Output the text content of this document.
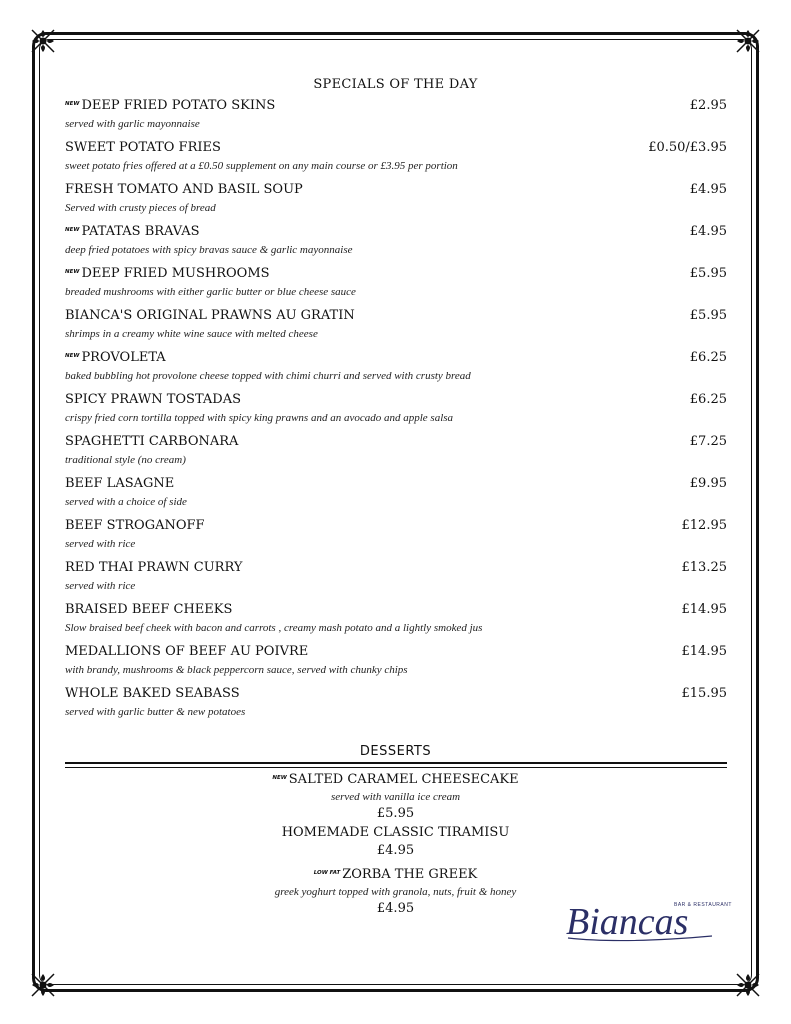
SPECIALS OF THE DAY
NEW DEEP FRIED POTATO SKINS	£2.95
served with garlic mayonnaise
SWEET POTATO FRIES	£0.50/£3.95
sweet potato fries offered at a £0.50 supplement on any main course or £3.95 per portion
FRESH TOMATO AND BASIL SOUP	£4.95
Served with crusty pieces of bread
NEW PATATAS BRAVAS	£4.95
deep fried potatoes with spicy bravas sauce & garlic mayonnaise
NEW DEEP FRIED MUSHROOMS	£5.95
breaded mushrooms with either garlic butter or blue cheese sauce
BIANCA'S ORIGINAL PRAWNS AU GRATIN	£5.95
shrimps in a creamy white wine sauce with melted cheese
NEW PROVOLETA	£6.25
baked bubbling hot provolone cheese topped with chimi churri and served with crusty bread
SPICY PRAWN TOSTADAS	£6.25
crispy fried corn tortilla topped with spicy king prawns and an avocado and apple salsa
SPAGHETTI CARBONARA	£7.25
traditional style (no cream)
BEEF LASAGNE	£9.95
served with a choice of side
BEEF STROGANOFF	£12.95
served with rice
RED THAI PRAWN CURRY	£13.25
served with rice
BRAISED BEEF CHEEKS	£14.95
Slow braised beef cheek with bacon and carrots , creamy mash potato and a lightly smoked jus
MEDALLIONS OF BEEF AU POIVRE	£14.95
with brandy, mushrooms & black peppercorn sauce, served with chunky chips
WHOLE BAKED SEABASS	£15.95
served with garlic butter & new potatoes
DESSERTS
NEW SALTED CARAMEL CHEESECAKE
served with vanilla ice cream
£5.95
HOMEMADE CLASSIC TIRAMISU
£4.95
LOW FAT ZORBA THE GREEK
greek yoghurt topped with granola, nuts, fruit & honey
£4.95	BAR & RESTAURANT
Biancas
